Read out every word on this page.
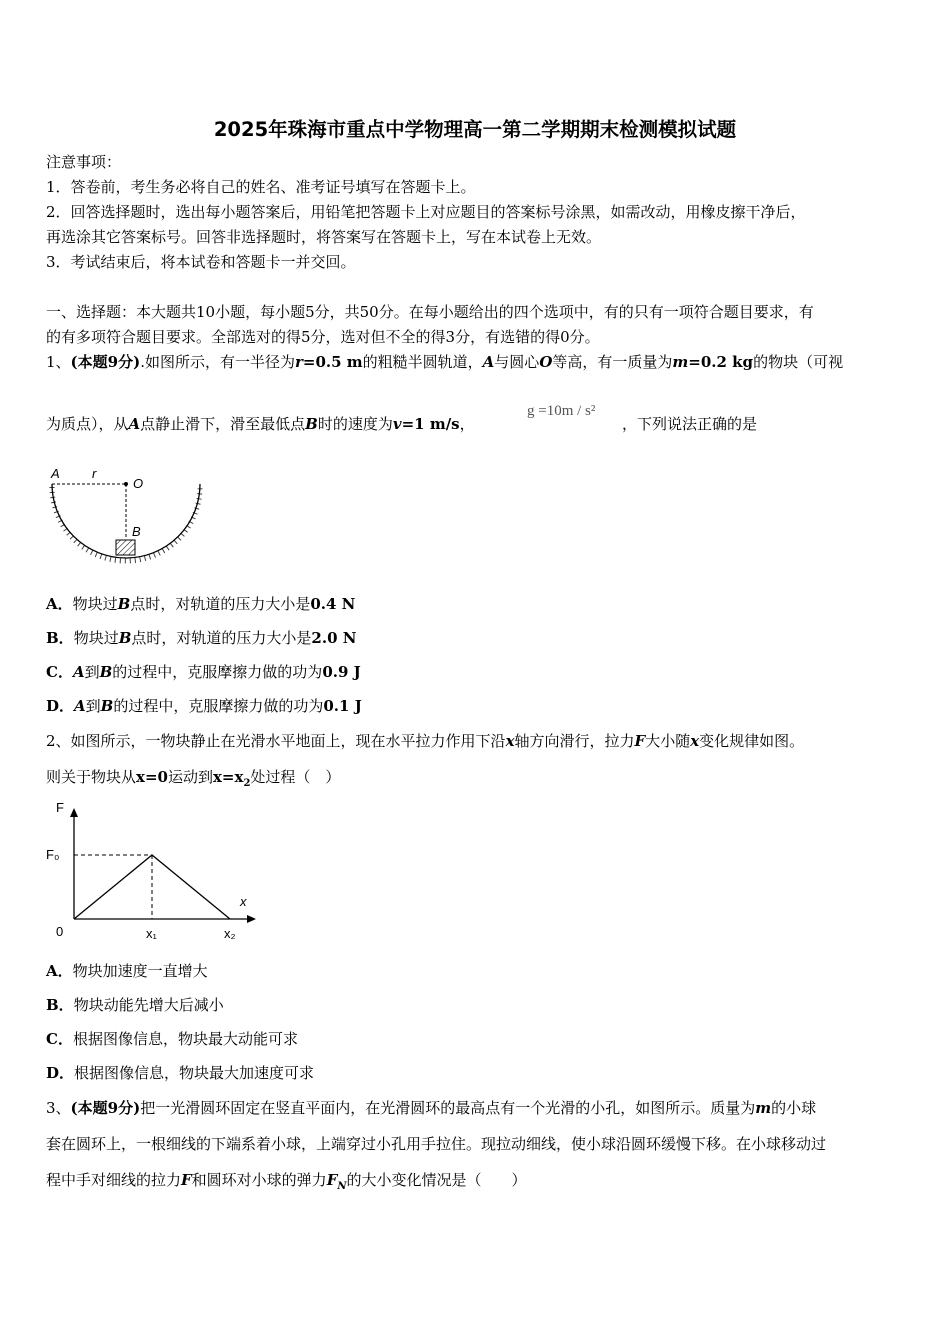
2025年珠海市重点中学物理高一第二学期期末检测模拟试题
注意事项：
1．答卷前，考生务必将自己的姓名、准考证号填写在答题卡上。
2．回答选择题时，选出每小题答案后，用铅笔把答题卡上对应题目的答案标号涂黑，如需改动，用橡皮擦干净后，
再选涂其它答案标号。回答非选择题时，将答案写在答题卡上，写在本试卷上无效。
3．考试结束后，将本试卷和答题卡一并交回。
一、选择题：本大题共10小题，每小题5分，共50分。在每小题给出的四个选项中，有的只有一项符合题目要求，有
的有多项符合题目要求。全部选对的得5分，选对但不全的得3分，有选错的得0分。
1、(本题9分).如图所示，有一半径为r=0.5 m的粗糙半圆轨道，A与圆心O等高，有一质量为m=0.2 kg的物块（可视
为质点），从A点静止滑下，滑至最低点B时的速度为v=1 m/s，
g =10m / s²
，下列说法正确的是
A r
O
B
A．物块过B点时，对轨道的压力大小是0.4 N
B．物块过B点时，对轨道的压力大小是2.0 N
C．A到B的过程中，克服摩擦力做的功为0.9 J
D．A到B的过程中，克服摩擦力做的功为0.1 J
2、如图所示，一物块静止在光滑水平地面上，现在水平拉力作用下沿x轴方向滑行，拉力F大小随x变化规律如图。
则关于物块从x=0运动到$x=x_2$处过程（　）
F
F₀
x
0	x₁	x₂
A．物块加速度一直增大
B．物块动能先增大后减小
C．根据图像信息，物块最大动能可求
D．根据图像信息，物块最大加速度可求
3、(本题9分)把一光滑圆环固定在竖直平面内，在光滑圆环的最高点有一个光滑的小孔，如图所示。质量为m的小球
套在圆环上，一根细线的下端系着小球，上端穿过小孔用手拉住。现拉动细线，使小球沿圆环缓慢下移。在小球移动过
程中手对细线的拉力F和圆环对小球的弹力$F_N$的大小变化情况是（　　）
